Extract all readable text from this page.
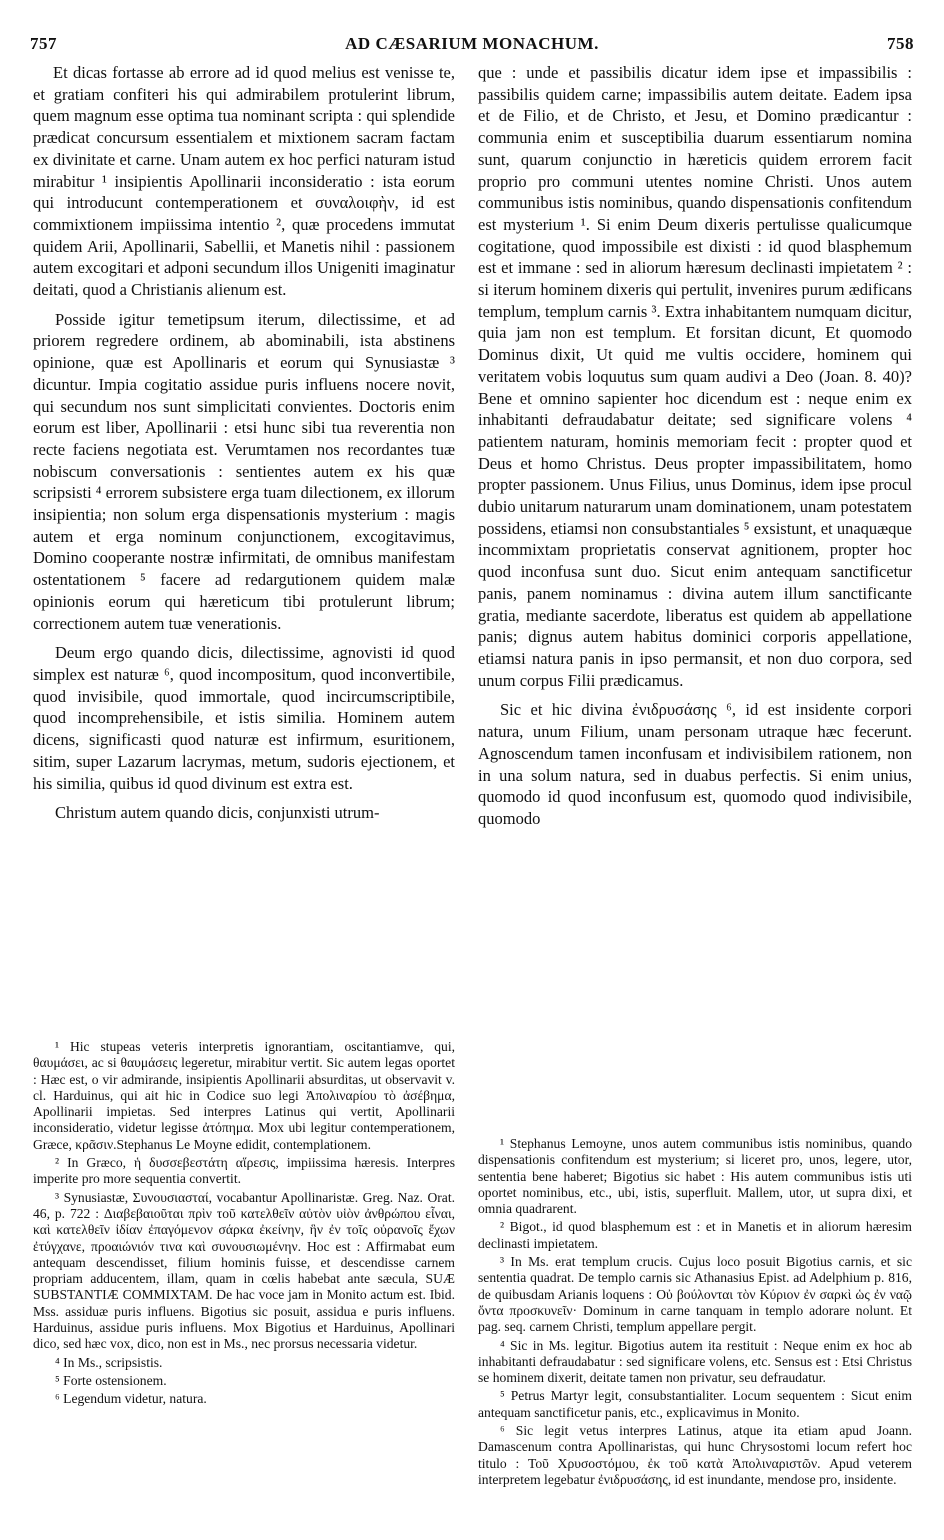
757	AD CÆSARIUM MONACHUM.	758

Et dicas fortasse ab errore ad id quod melius est venisse te, et gratiam confiteri his qui admirabilem protulerint librum, quem magnum esse optima tua nominant scripta : qui splendide prædicat concursum essentialem et mixtionem sacram factam ex divinitate et carne. Unam autem ex hoc perfici naturam istud mirabitur ¹ insipientis Apollinarii inconsideratio : ista eorum qui introducunt contemperationem et συναλοιφὴν, id est commixtionem impiissima intentio ², quæ procedens immutat quidem Arii, Apollinarii, Sabellii, et Manetis nihil : passionem autem excogitari et adponi secundum illos Unigeniti imaginatur deitati, quod a Christianis alienum est.

Posside igitur temetipsum iterum, dilectissime, et ad priorem regredere ordinem, ab abominabili, ista abstinens opinione, quæ est Apollinaris et eorum qui Synusiastæ ³ dicuntur. Impia cogitatio assidue puris influens nocere novit, qui secundum nos sunt simplicitati convientes. Doctoris enim eorum est liber, Apollinarii : etsi hunc sibi tua reverentia non recte faciens negotiata est. Verumtamen nos recordantes tuæ nobiscum conversationis : sentientes autem ex his quæ scripsisti ⁴ errorem subsistere erga tuam dilectionem, ex illorum insipientia; non solum erga dispensationis mysterium : magis autem et erga nominum conjunctionem, excogitavimus, Domino cooperante nostræ infirmitati, de omnibus manifestam ostentationem ⁵ facere ad redargutionem quidem malæ opinionis eorum qui hæreticum tibi protulerunt librum; correctionem autem tuæ venerationis.

Deum ergo quando dicis, dilectissime, agnovisti id quod simplex est naturæ ⁶, quod incompositum, quod inconvertibile, quod invisibile, quod immortale, quod incircumscriptibile, quod incomprehensibile, et istis similia. Hominem autem dicens, significasti quod naturæ est infirmum, esuritionem, sitim, super Lazarum lacrymas, metum, sudoris ejectionem, et his similia, quibus id quod divinum est extra est.

Christum autem quando dicis, conjunxisti utrum-

¹ Hic stupeas veteris interpretis ignorantiam, oscitantiamve, qui, θαυμάσει, ac si θαυμάσεις legeretur, mirabitur vertit. Sic autem legas oportet : Hæc est, o vir admirande, insipientis Apollinarii absurditas, ut observavit v. cl. Harduinus, qui ait hic in Codice suo legi Ἀπολιναρίου τὸ ἀσέβημα, Apollinarii impietas. Sed interpres Latinus qui vertit, Apollinarii inconsideratio, videtur legisse ἀτόπημα. Mox ubi legitur contemperationem, Græce, κρᾶσιν.Stephanus Le Moyne edidit, contemplationem.
² In Græco, ἡ δυσσεβεστάτη αἵρεσις, impiissima hæresis. Interpres imperite pro more sequentia convertit.
³ Synusiastæ, Συνουσιασταί, vocabantur Apollinaristæ. Greg. Naz. Orat. 46, p. 722 : Διαβεβαιοῦται πρὶν τοῦ κατελθεῖν αὐτὸν υἱὸν ἀνθρώπου εἶναι, καὶ κατελθεῖν ἰδίαν ἐπαγόμενον σάρκα ἐκείνην, ἣν ἐν τοῖς οὐρανοῖς ἔχων ἐτύγχανε, προαιώνιόν τινα καὶ συνουσιωμένην. Hoc est : Affirmabat eum antequam descendisset, filium hominis fuisse, et descendisse carnem propriam adducentem, illam, quam in cœlis habebat ante sæcula, SUÆ SUBSTANTIÆ COMMIXTAM. De hac voce jam in Monito actum est. Ibid. Mss. assiduæ puris influens. Bigotius sic posuit, assidua e puris influens. Harduinus, assidue puris influens. Mox Bigotius et Harduinus, Apollinari dico, sed hæc vox, dico, non est in Ms., nec prorsus necessaria videtur.
⁴ In Ms., scripsistis.
⁵ Forte ostensionem.
⁶ Legendum videtur, natura.

que : unde et passibilis dicatur idem ipse et impassibilis : passibilis quidem carne; impassibilis autem deitate. Eadem ipsa et de Filio, et de Christo, et Jesu, et Domino prædicantur : communia enim et susceptibilia duarum essentiarum nomina sunt, quarum conjunctio in hæreticis quidem errorem facit proprio pro communi utentes nomine Christi. Unos autem communibus istis nominibus, quando dispensationis confitendum est mysterium ¹. Si enim Deum dixeris pertulisse qualicumque cogitatione, quod impossibile est dixisti : id quod blasphemum est et immane : sed in aliorum hæresum declinasti impietatem ² : si iterum hominem dixeris qui pertulit, invenires purum ædificans templum, templum carnis ³. Extra inhabitantem numquam dicitur, quia jam non est templum. Et forsitan dicunt, Et quomodo Dominus dixit, Ut quid me vultis occidere, hominem qui veritatem vobis loquutus sum quam audivi a Deo (Joan. 8. 40)? Bene et omnino sapienter hoc dicendum est : neque enim ex inhabitanti defraudabatur deitate; sed significare volens ⁴ patientem naturam, hominis memoriam fecit : propter quod et Deus et homo Christus. Deus propter impassibilitatem, homo propter passionem. Unus Filius, unus Dominus, idem ipse procul dubio unitarum naturarum unam dominationem, unam potestatem possidens, etiamsi non consubstantiales ⁵ exsistunt, et unaquæque incommixtam proprietatis conservat agnitionem, propter hoc quod inconfusa sunt duo. Sicut enim antequam sanctificetur panis, panem nominamus : divina autem illum sanctificante gratia, mediante sacerdote, liberatus est quidem ab appellatione panis; dignus autem habitus dominici corporis appellatione, etiamsi natura panis in ipso permansit, et non duo corpora, sed unum corpus Filii prædicamus.

Sic et hic divina ἐνιδρυσάσης ⁶, id est insidente corpori natura, unum Filium, unam personam utraque hæc fecerunt. Agnoscendum tamen inconfusam et indivisibilem rationem, non in una solum natura, sed in duabus perfectis. Si enim unius, quomodo id quod inconfusum est, quomodo quod indivisibile, quomodo

¹ Stephanus Lemoyne, unos autem communibus istis nominibus, quando dispensationis confitendum est mysterium; si liceret pro, unos, legere, utor, sententia bene haberet; Bigotius sic habet : His autem communibus istis uti oportet nominibus, etc., ubi, istis, superfluit. Mallem, utor, ut supra dixi, et omnia quadrarent.
² Bigot., id quod blasphemum est : et in Manetis et in aliorum hæresim declinasti impietatem.
³ In Ms. erat templum crucis. Cujus loco posuit Bigotius carnis, et sic sententia quadrat. De templo carnis sic Athanasius Epist. ad Adelphium p. 816, de quibusdam Arianis loquens : Οὐ βούλονται τὸν Κύριον ἐν σαρκὶ ὡς ἐν ναῷ ὄντα προσκυνεῖν· Dominum in carne tanquam in templo adorare nolunt. Et pag. seq. carnem Christi, templum appellare pergit.
⁴ Sic in Ms. legitur. Bigotius autem ita restituit : Neque enim ex hoc ab inhabitanti defraudabatur : sed significare volens, etc. Sensus est : Etsi Christus se hominem dixerit, deitate tamen non privatur, seu defraudatur.
⁵ Petrus Martyr legit, consubstantialiter. Locum sequentem : Sicut enim antequam sanctificetur panis, etc., explicavimus in Monito.
⁶ Sic legit vetus interpres Latinus, atque ita etiam apud Joann. Damascenum contra Apollinaristas, qui hunc Chrysostomi locum refert hoc titulo : Τοῦ Χρυσοστόμου, ἐκ τοῦ κατὰ Ἀπολιναριστῶν. Apud veterem interpretem legebatur ἐνιδρυσάσης, id est inundante, mendose pro, insidente.
